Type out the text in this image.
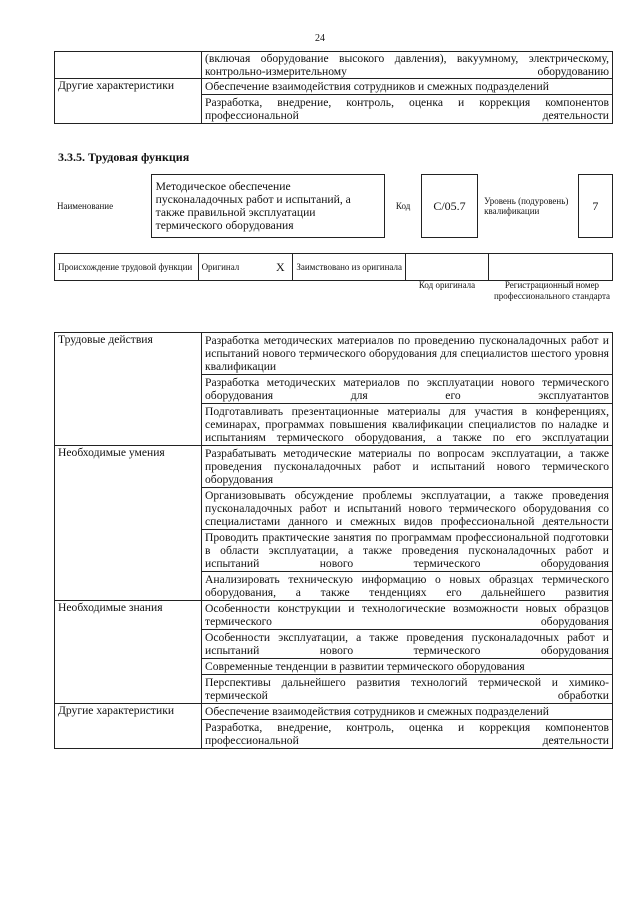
24

	(включая оборудование высокого давления), вакуумному, электрическому, контрольно-измерительному оборудованию

Другие характеристики	Обеспечение взаимодействия сотрудников и смежных подразделений
Разработка, внедрение, контроль, оценка и коррекция компонентов профессиональной деятельности
3.3.5. Трудовая функция
Наименование	Методическое обеспечение пусконаладочных работ и испытаний, а также правильной эксплуатации термического оборудования	Код	C/05.7	Уровень (подуровень) квалификации	7
Происхождение трудовой функции	Оригинал	X	Заимствовано из оригинала		
Код оригинала	Регистрационный номер профессионального стандарта
Трудовые действия	Разработка методических материалов по проведению пусконаладочных работ и испытаний нового термического оборудования для специалистов шестого уровня квалификации
Разработка методических материалов по эксплуатации нового термического оборудования для его эксплуатантов
Подготавливать презентационные материалы для участия в конференциях, семинарах, программах повышения квалификации специалистов по наладке и испытаниям термического оборудования, а также по его эксплуатации

Необходимые умения	Разрабатывать методические материалы по вопросам эксплуатации, а также проведения пусконаладочных работ и испытаний нового термического оборудования
Организовывать обсуждение проблемы эксплуатации, а также проведения пусконаладочных работ и испытаний нового термического оборудования со специалистами данного и смежных видов профессиональной деятельности
Проводить практические занятия по программам профессиональной подготовки в области эксплуатации, а также проведения пусконаладочных работ и испытаний нового термического оборудования
Анализировать техническую информацию о новых образцах термического оборудования, а также тенденциях его дальнейшего развития

Необходимые знания	Особенности конструкции и технологические возможности новых образцов термического оборудования
Особенности эксплуатации, а также проведения пусконаладочных работ и испытаний нового термического оборудования
Современные тенденции в развитии термического оборудования
Перспективы дальнейшего развития технологий термической и химико-термической обработки

Другие характеристики	Обеспечение взаимодействия сотрудников и смежных подразделений
Разработка, внедрение, контроль, оценка и коррекция компонентов профессиональной деятельности
